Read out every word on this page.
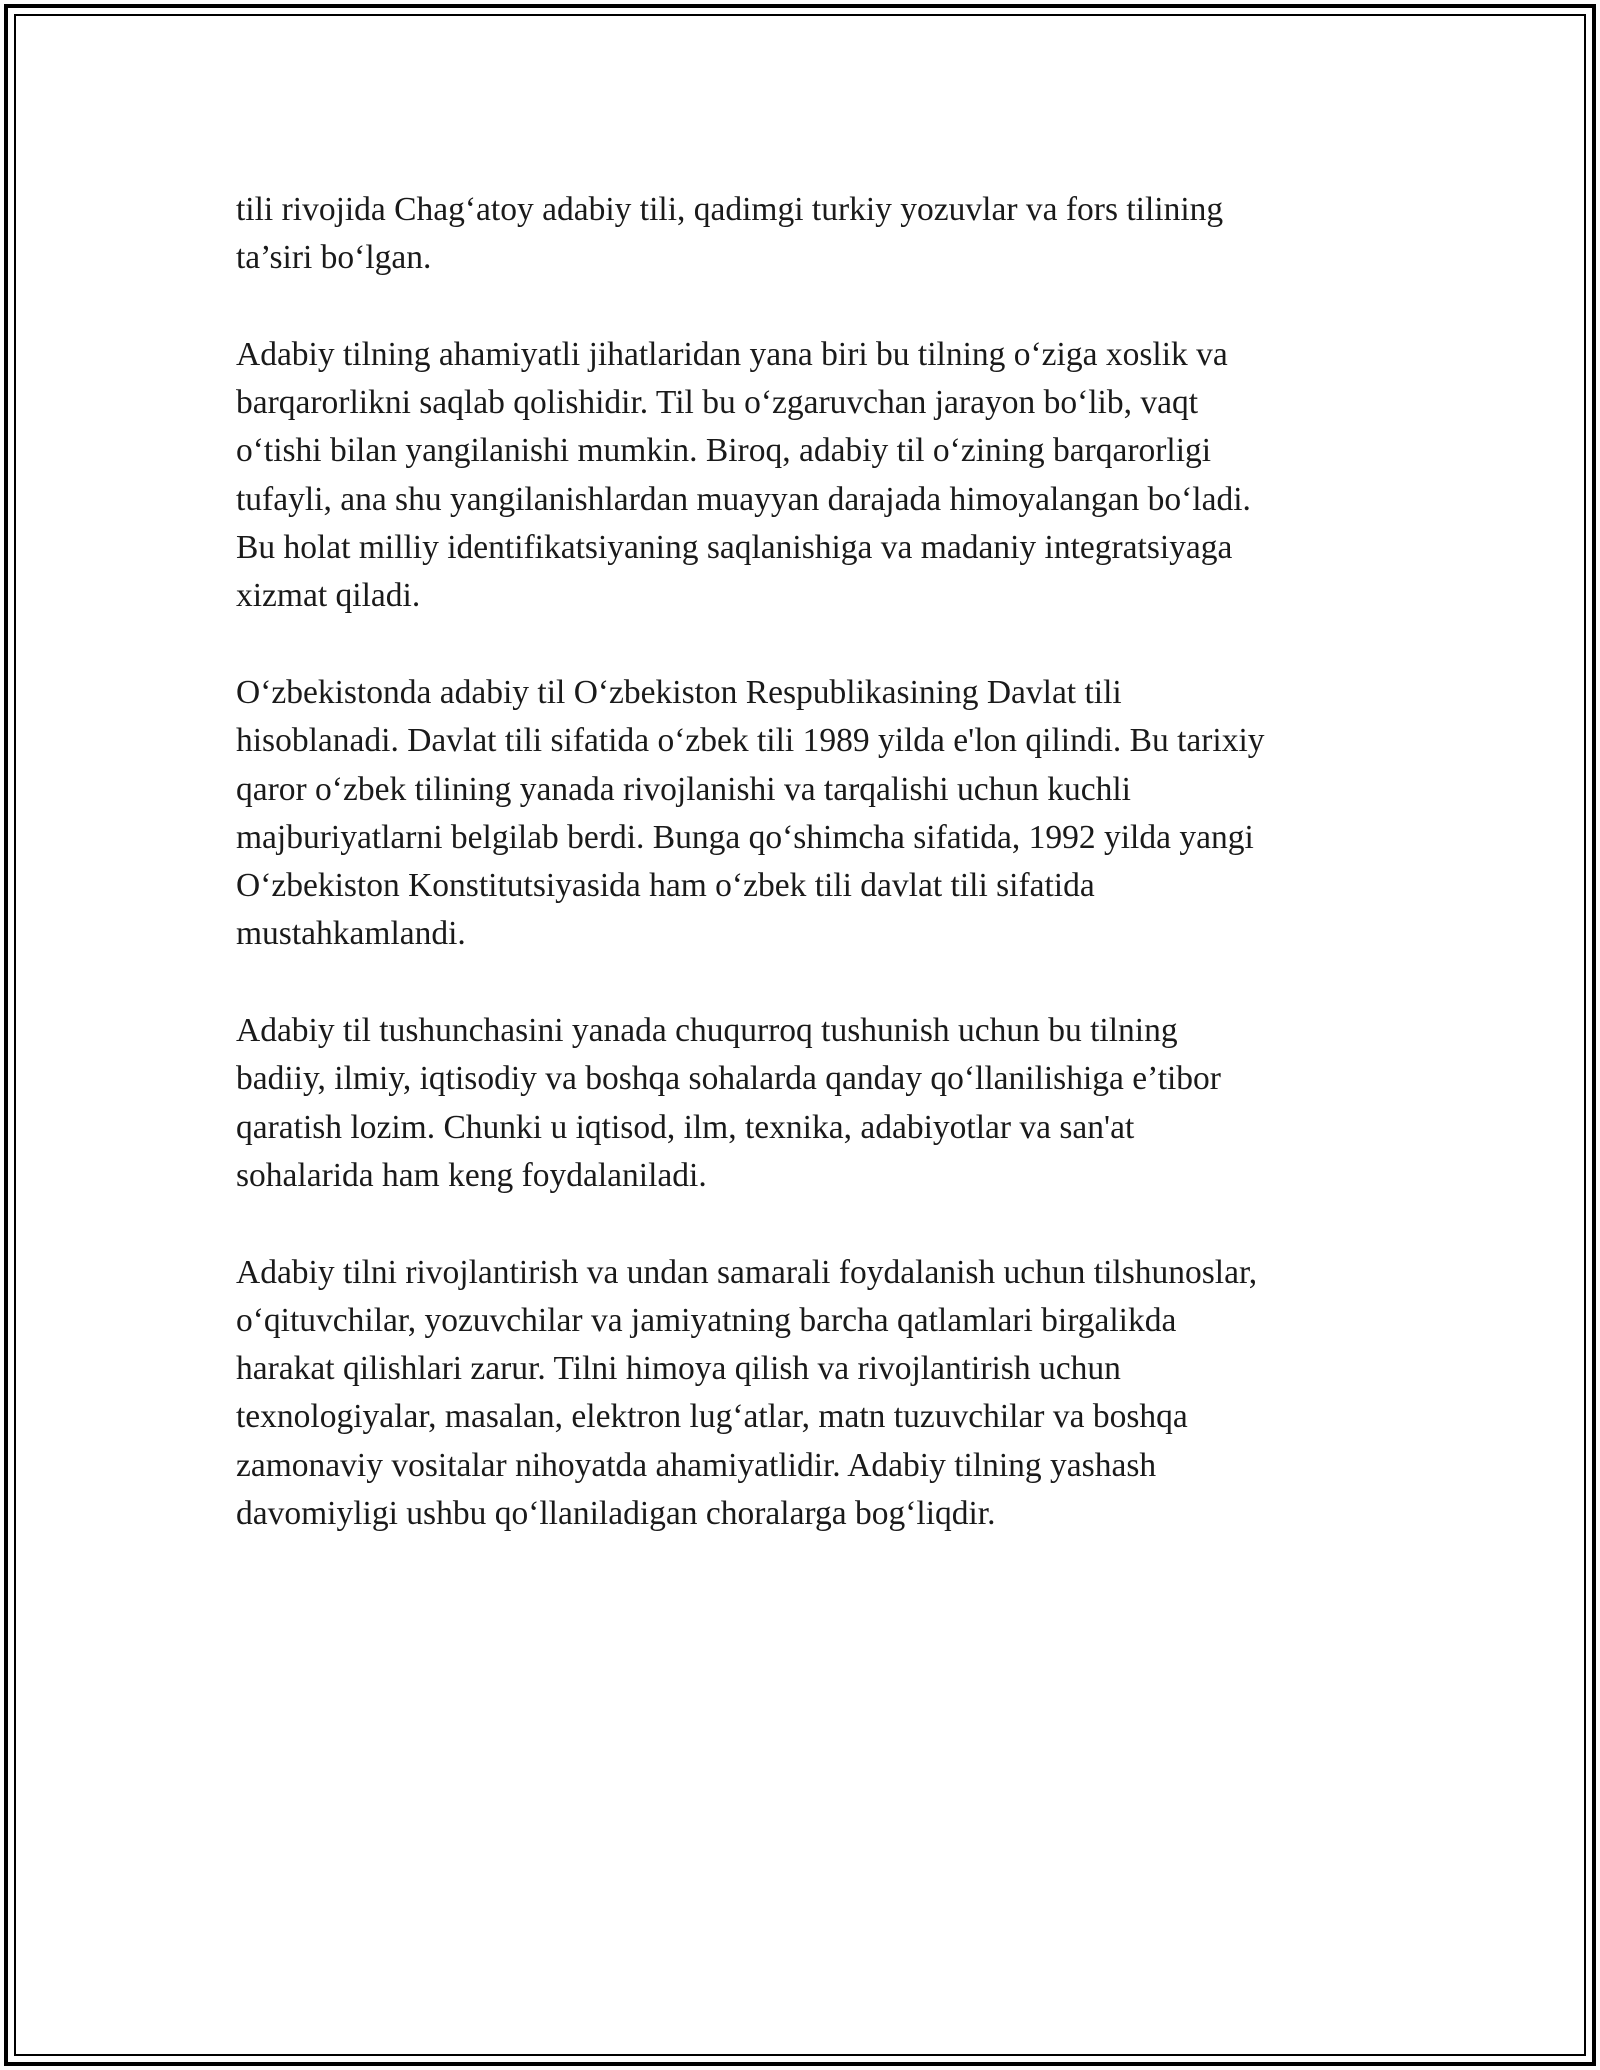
tili rivojida Chag‘atoy adabiy tili, qadimgi turkiy yozuvlar va fors tilining
ta’siri bo‘lgan.

Adabiy tilning ahamiyatli jihatlaridan yana biri bu tilning o‘ziga xoslik va
barqarorlikni saqlab qolishidir. Til bu o‘zgaruvchan jarayon bo‘lib, vaqt
o‘tishi bilan yangilanishi mumkin. Biroq, adabiy til o‘zining barqarorligi
tufayli, ana shu yangilanishlardan muayyan darajada himoyalangan bo‘ladi.
Bu holat milliy identifikatsiyaning saqlanishiga va madaniy integratsiyaga
xizmat qiladi.

O‘zbekistonda adabiy til O‘zbekiston Respublikasining Davlat tili
hisoblanadi. Davlat tili sifatida o‘zbek tili 1989 yilda e'lon qilindi. Bu tarixiy
qaror o‘zbek tilining yanada rivojlanishi va tarqalishi uchun kuchli
majburiyatlarni belgilab berdi. Bunga qo‘shimcha sifatida, 1992 yilda yangi
O‘zbekiston Konstitutsiyasida ham o‘zbek tili davlat tili sifatida
mustahkamlandi.

Adabiy til tushunchasini yanada chuqurroq tushunish uchun bu tilning
badiiy, ilmiy, iqtisodiy va boshqa sohalarda qanday qo‘llanilishiga e’tibor
qaratish lozim. Chunki u iqtisod, ilm, texnika, adabiyotlar va san'at
sohalarida ham keng foydalaniladi.

Adabiy tilni rivojlantirish va undan samarali foydalanish uchun tilshunoslar,
o‘qituvchilar, yozuvchilar va jamiyatning barcha qatlamlari birgalikda
harakat qilishlari zarur. Tilni himoya qilish va rivojlantirish uchun
texnologiyalar, masalan, elektron lug‘atlar, matn tuzuvchilar va boshqa
zamonaviy vositalar nihoyatda ahamiyatlidir. Adabiy tilning yashash
davomiyligi ushbu qo‘llaniladigan choralarga bog‘liqdir.
